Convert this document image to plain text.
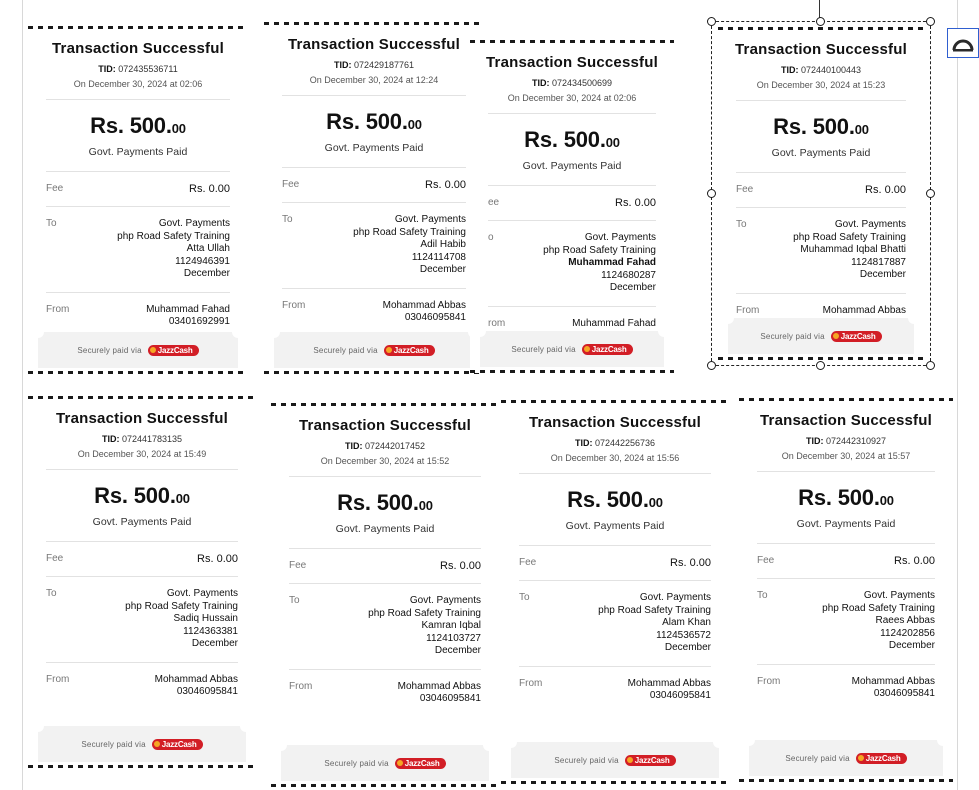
Transaction Successful
TID: 072435536711
On December 30, 2024 at 02:06
Rs. 500.00
Govt. Payments Paid
Fee	Rs. 0.00
To	Govt. Payments
php Road Safety Training
Atta Ullah
1124946391
December
From	Muhammad Fahad
03401692991
Securely paid via	JazzCash
Transaction Successful
TID: 072429187761
On December 30, 2024 at 12:24
Rs. 500.00
Govt. Payments Paid
Fee	Rs. 0.00
To	Govt. Payments
php Road Safety Training
Adil Habib
1124114708
December
From	Mohammad Abbas
03046095841
Securely paid via	JazzCash
Transaction Successful
TID: 072434500699
On December 30, 2024 at 02:06
Rs. 500.00
Govt. Payments Paid
ee	Rs. 0.00
o	Govt. Payments
php Road Safety Training
Muhammad Fahad
1124680287
December
rom	Muhammad Fahad
Securely paid via	JazzCash
Transaction Successful
TID: 072440100443
On December 30, 2024 at 15:23
Rs. 500.00
Govt. Payments Paid
Fee	Rs. 0.00
To	Govt. Payments
php Road Safety Training
Muhammad Iqbal Bhatti
1124817887
December
From	Mohammad Abbas
Securely paid via	JazzCash
Transaction Successful
TID: 072441783135
On December 30, 2024 at 15:49
Rs. 500.00
Govt. Payments Paid
Fee	Rs. 0.00
To	Govt. Payments
php Road Safety Training
Sadiq Hussain
1124363381
December
From	Mohammad Abbas
03046095841
Securely paid via	JazzCash
Transaction Successful
TID: 072442017452
On December 30, 2024 at 15:52
Rs. 500.00
Govt. Payments Paid
Fee	Rs. 0.00
To	Govt. Payments
php Road Safety Training
Kamran Iqbal
1124103727
December
From	Mohammad Abbas
03046095841
Securely paid via	JazzCash
Transaction Successful
TID: 072442256736
On December 30, 2024 at 15:56
Rs. 500.00
Govt. Payments Paid
Fee	Rs. 0.00
To	Govt. Payments
php Road Safety Training
Alam Khan
1124536572
December
From	Mohammad Abbas
03046095841
Securely paid via	JazzCash
Transaction Successful
TID: 072442310927
On December 30, 2024 at 15:57
Rs. 500.00
Govt. Payments Paid
Fee	Rs. 0.00
To	Govt. Payments
php Road Safety Training
Raees Abbas
1124202856
December
From	Mohammad Abbas
03046095841
Securely paid via	JazzCash
